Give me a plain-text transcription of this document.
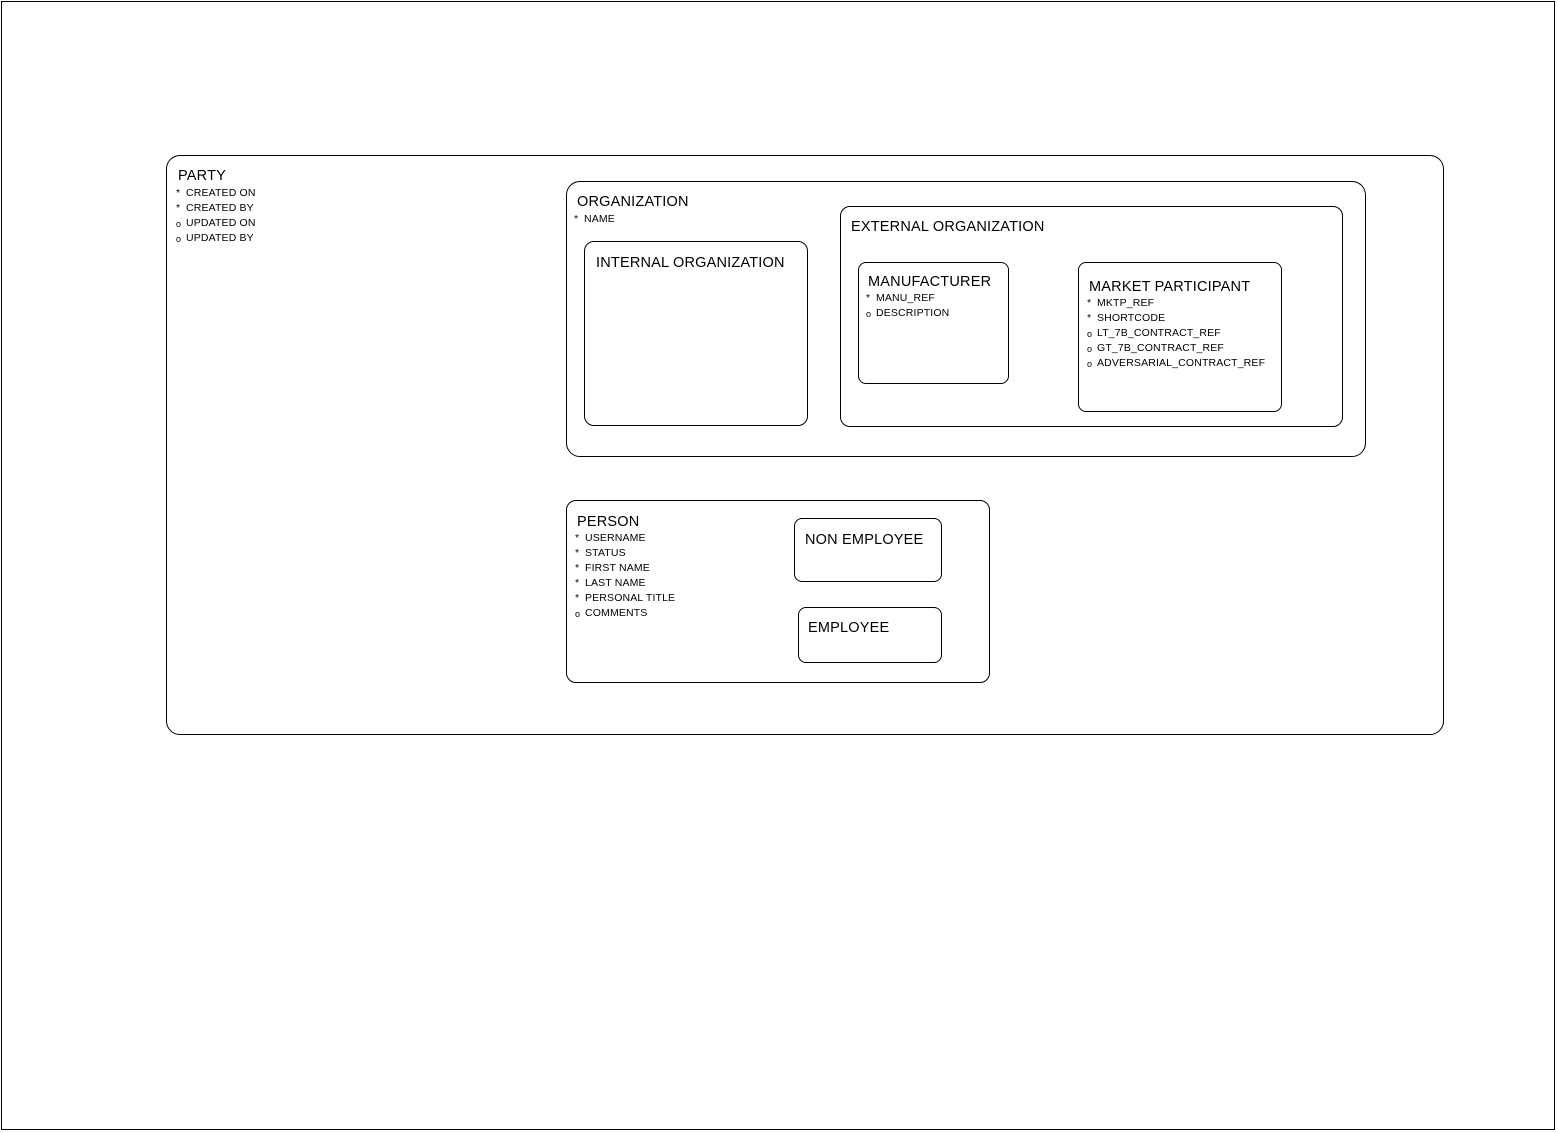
PARTY
* CREATED ON
* CREATED BY
o UPDATED ON
o UPDATED BY
ORGANIZATION
* NAME
INTERNAL ORGANIZATION
EXTERNAL ORGANIZATION
MANUFACTURER
* MANU_REF
o DESCRIPTION
MARKET PARTICIPANT
* MKTP_REF
* SHORTCODE
o LT_7B_CONTRACT_REF
o GT_7B_CONTRACT_REF
o ADVERSARIAL_CONTRACT_REF
PERSON
* USERNAME
* STATUS
* FIRST NAME
* LAST NAME
* PERSONAL TITLE
o COMMENTS
NON EMPLOYEE
EMPLOYEE
